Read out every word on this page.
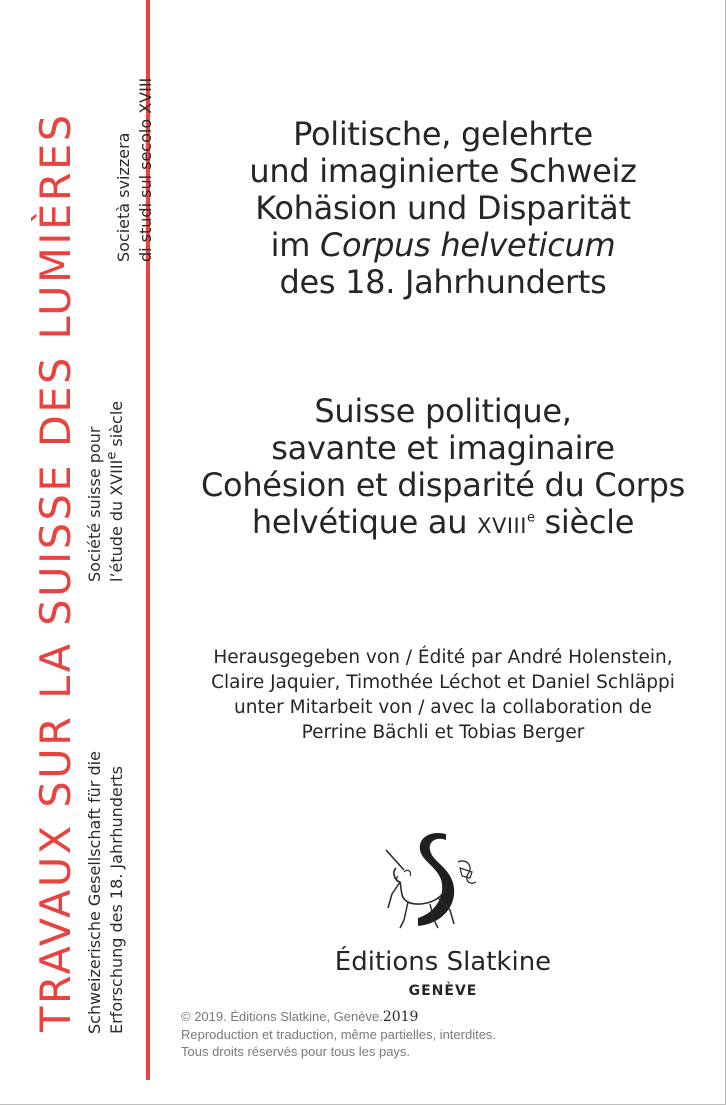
TRAVAUX SUR LA SUISSE DES LUMIÈRES Schweizerische Gesellschaft für die Erforschung des 18. Jahrhunderts
Société suisse pour l’étude du XVIIIe siècle
Società svizzera di studi sul secolo XVIII	Politische, gelehrte
und imaginierte Schweiz
Kohäsion und Disparität
im Corpus helveticum
des 18. Jahrhunderts
Suisse politique,
savante et imaginaire
Cohésion et disparité du Corps
helvétique au XVIIIe siècle
Herausgegeben von / Édité par André Holenstein,
Claire Jaquier, Timothée Léchot et Daniel Schläppi
unter Mitarbeit von / avec la collaboration de
Perrine Bächli et Tobias Berger
Éditions Slatkine
GENÈVE
© 2019. Éditions Slatkine, Genève.2019
Reproduction et traduction, même partielles, interdites.
Tous droits réservés pour tous les pays.
